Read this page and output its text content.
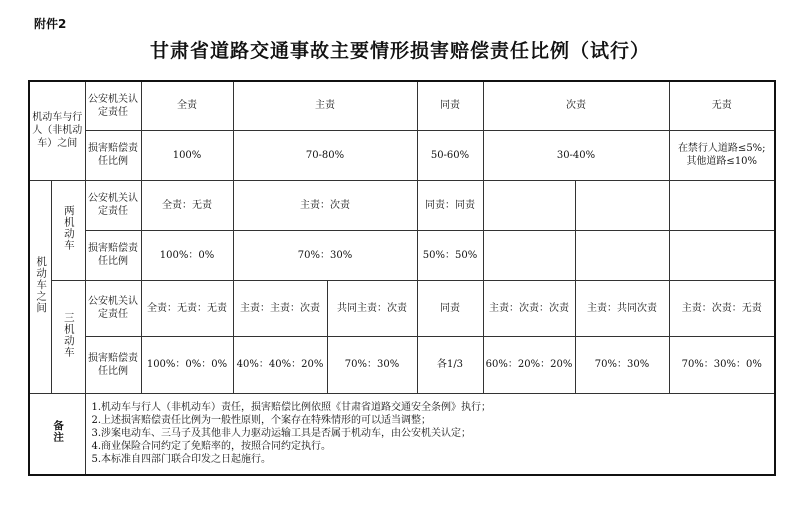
附件2
甘肃省道路交通事故主要情形损害赔偿责任比例（试行）
机动车与行人（非机动车）之间		公安机关认定责任	全责	主责		同责	次责		无责
		损害赔偿责任比例	100%	70-80%		50-60%	30-40%		在禁行人道路≤5%;
其他道路≤10%
机动车之间	两机动车	公安机关认定责任	全责：无责	主责：次责		同责：同责			
		损害赔偿责任比例	100%：0%	70%：30%		50%：50%			
	三机动车	公安机关认定责任	全责：无责：无责	主责：主责：次责	共同主责：次责	同责	主责：次责：次责	主责：共同次责	主责：次责：无责
		损害赔偿责任比例	100%：0%：0%	40%：40%：20%	70%：30%	各1/3	60%：20%：20%	70%：30%	70%：30%：0%
备注		1.机动车与行人（非机动车）责任，损害赔偿比例依照《甘肃省道路交通安全条例》执行；
2.上述损害赔偿责任比例为一般性原则，个案存在特殊情形的可以适当调整；
3.涉案电动车、三马子及其他非人力驱动运输工具是否属于机动车，由公安机关认定；
4.商业保险合同约定了免赔率的，按照合同约定执行。
5.本标准自四部门联合印发之日起施行。							
